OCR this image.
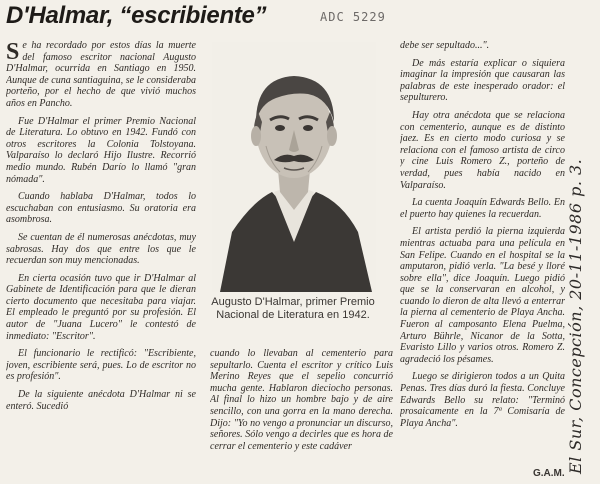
D'Halmar, “escribiente”	ADC 5229

Se ha recordado por estos días la muerte del famoso escritor nacional Augusto D'Halmar, ocurrida en Santiago en 1950. Aunque de cuna santiaguina, se le consideraba porteño, por el hecho de que vivió muchos años en Pancho.

Fue D'Halmar el primer Premio Nacional de Literatura. Lo obtuvo en 1942. Fundó con otros escritores la Colonia Tolstoyana. Valparaíso lo declaró Hijo Ilustre. Recorrió medio mundo. Rubén Darío lo llamó "gran nómada".

Cuando hablaba D'Halmar, todos lo escuchaban con entusiasmo. Su oratoria era asombrosa.

Se cuentan de él numerosas anécdotas, muy sabrosas. Hay dos que entre los que le recuerdan son muy mencionadas.

En cierta ocasión tuvo que ir D'Halmar al Gabinete de Identificación para que le dieran cierto documento que necesitaba para viajar. El empleado le preguntó por su profesión. El autor de "Juana Lucero" le contestó de inmediato: "Escritor".

El funcionario le rectificó: "Escribiente, joven, escribiente será, pues. Lo de escritor no es profesión".

De la siguiente anécdota D'Halmar ni se enteró. Sucedió

Augusto D'Halmar, primer Premio Nacional de Literatura en 1942.

cuando lo llevaban al cementerio para sepultarlo. Cuenta el escritor y crítico Luis Merino Reyes que el sepelio concurrió mucha gente. Hablaron dieciocho personas. Al final lo hizo un hombre bajo y de aire sencillo, con una gorra en la mano derecha. Dijo: "Yo no vengo a pronunciar un discurso, señores. Sólo vengo a decirles que es hora de cerrar el cementerio y este cadáver

debe ser sepultado...".

De más estaría explicar o siquiera imaginar la impresión que causaran las palabras de este inesperado orador: el sepulturero.

Hay otra anécdota que se relaciona con cementerio, aunque es de distinto jaez. Es en cierto modo curiosa y se relaciona con el famoso artista de circo y cine Luis Romero Z., porteño de verdad, pues había nacido en Valparaíso.

La cuenta Joaquín Edwards Bello. En el puerto hay quienes la recuerdan.

El artista perdió la pierna izquierda mientras actuaba para una película en San Felipe. Cuando en el hospital se la amputaron, pidió verla. "La besé y lloré sobre ella", dice Joaquín. Luego pidió que se la conservaran en alcohol, y cuando lo dieron de alta llevó a enterrar la pierna al cementerio de Playa Ancha. Fueron al camposanto Elena Puelma, Arturo Bührle, Nicanor de la Sotta, Evaristo Lillo y varios otros. Romero Z. agradeció los pésames.

Luego se dirigieron todos a un Quita Penas. Tres días duró la fiesta. Concluye Edwards Bello su relato: "Terminó prosaicamente en la 7ª Comisaría de Playa Ancha".

G.A.M. El Sur, Concepción, 20-11-1986 p. 3.
